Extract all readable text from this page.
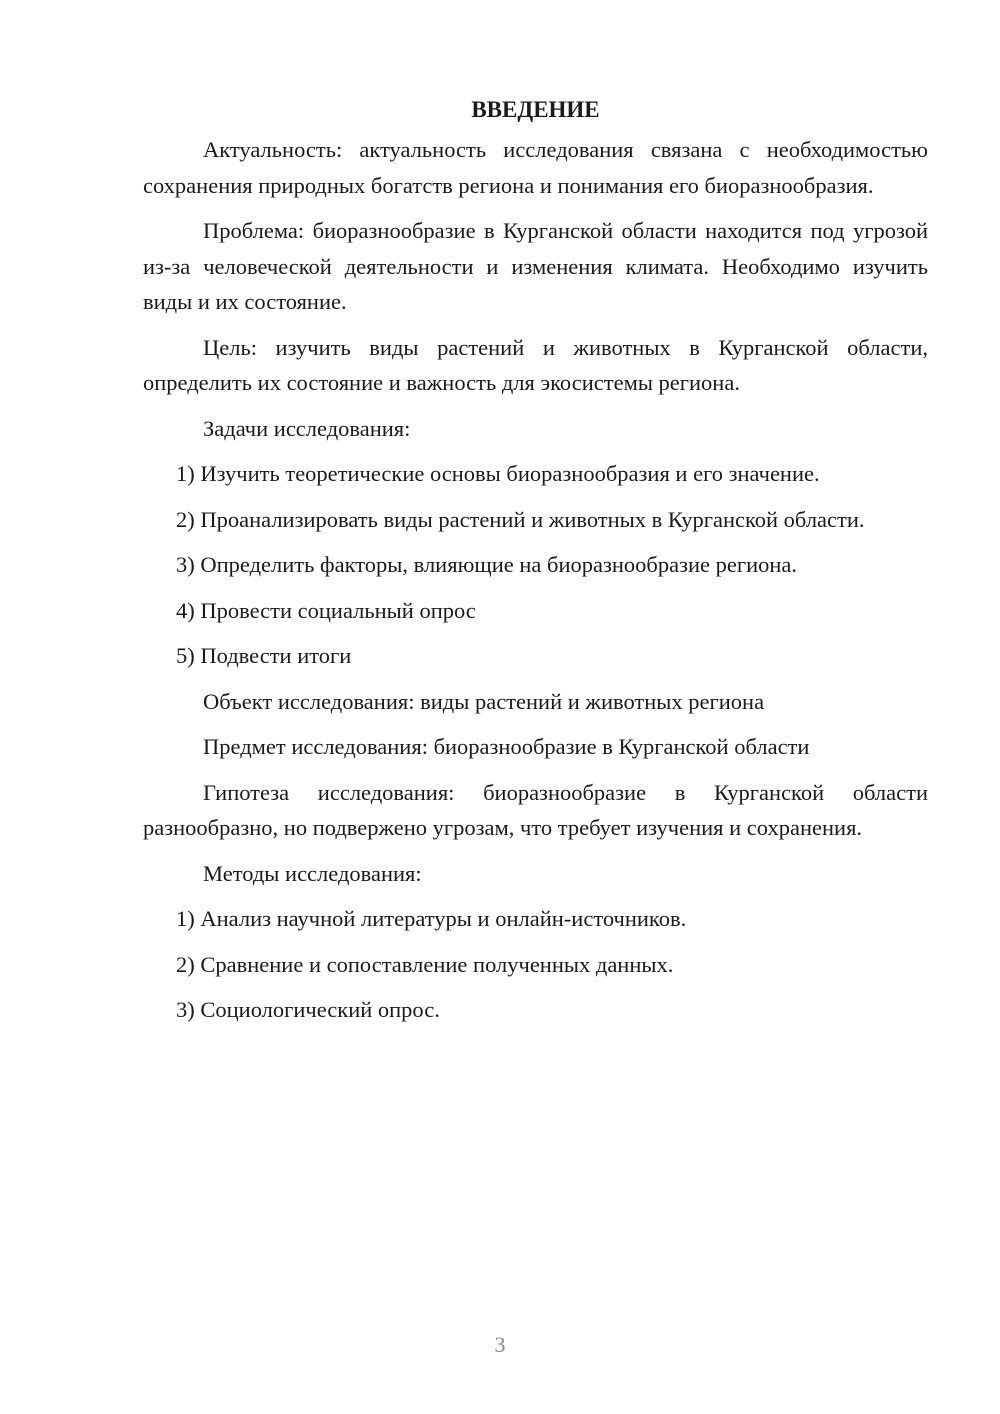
ВВЕДЕНИЕ

Актуальность: актуальность исследования связана с необходимостью сохранения природных богатств региона и понимания его биоразнообразия.

Проблема: биоразнообразие в Курганской области находится под угрозой из-за человеческой деятельности и изменения климата. Необходимо изучить виды и их состояние.

Цель: изучить виды растений и животных в Курганской области, определить их состояние и важность для экосистемы региона.

Задачи исследования:

1) Изучить теоретические основы биоразнообразия и его значение.

2) Проанализировать виды растений и животных в Курганской области.

3) Определить факторы, влияющие на биоразнообразие региона.

4) Провести социальный опрос

5) Подвести итоги

Объект исследования: виды растений и животных региона

Предмет исследования: биоразнообразие в Курганской области

Гипотеза исследования: биоразнообразие в Курганской области разнообразно, но подвержено угрозам, что требует изучения и сохранения.

Методы исследования:

1) Анализ научной литературы и онлайн-источников.

2) Сравнение и сопоставление полученных данных.

3) Социологический опрос.

3
